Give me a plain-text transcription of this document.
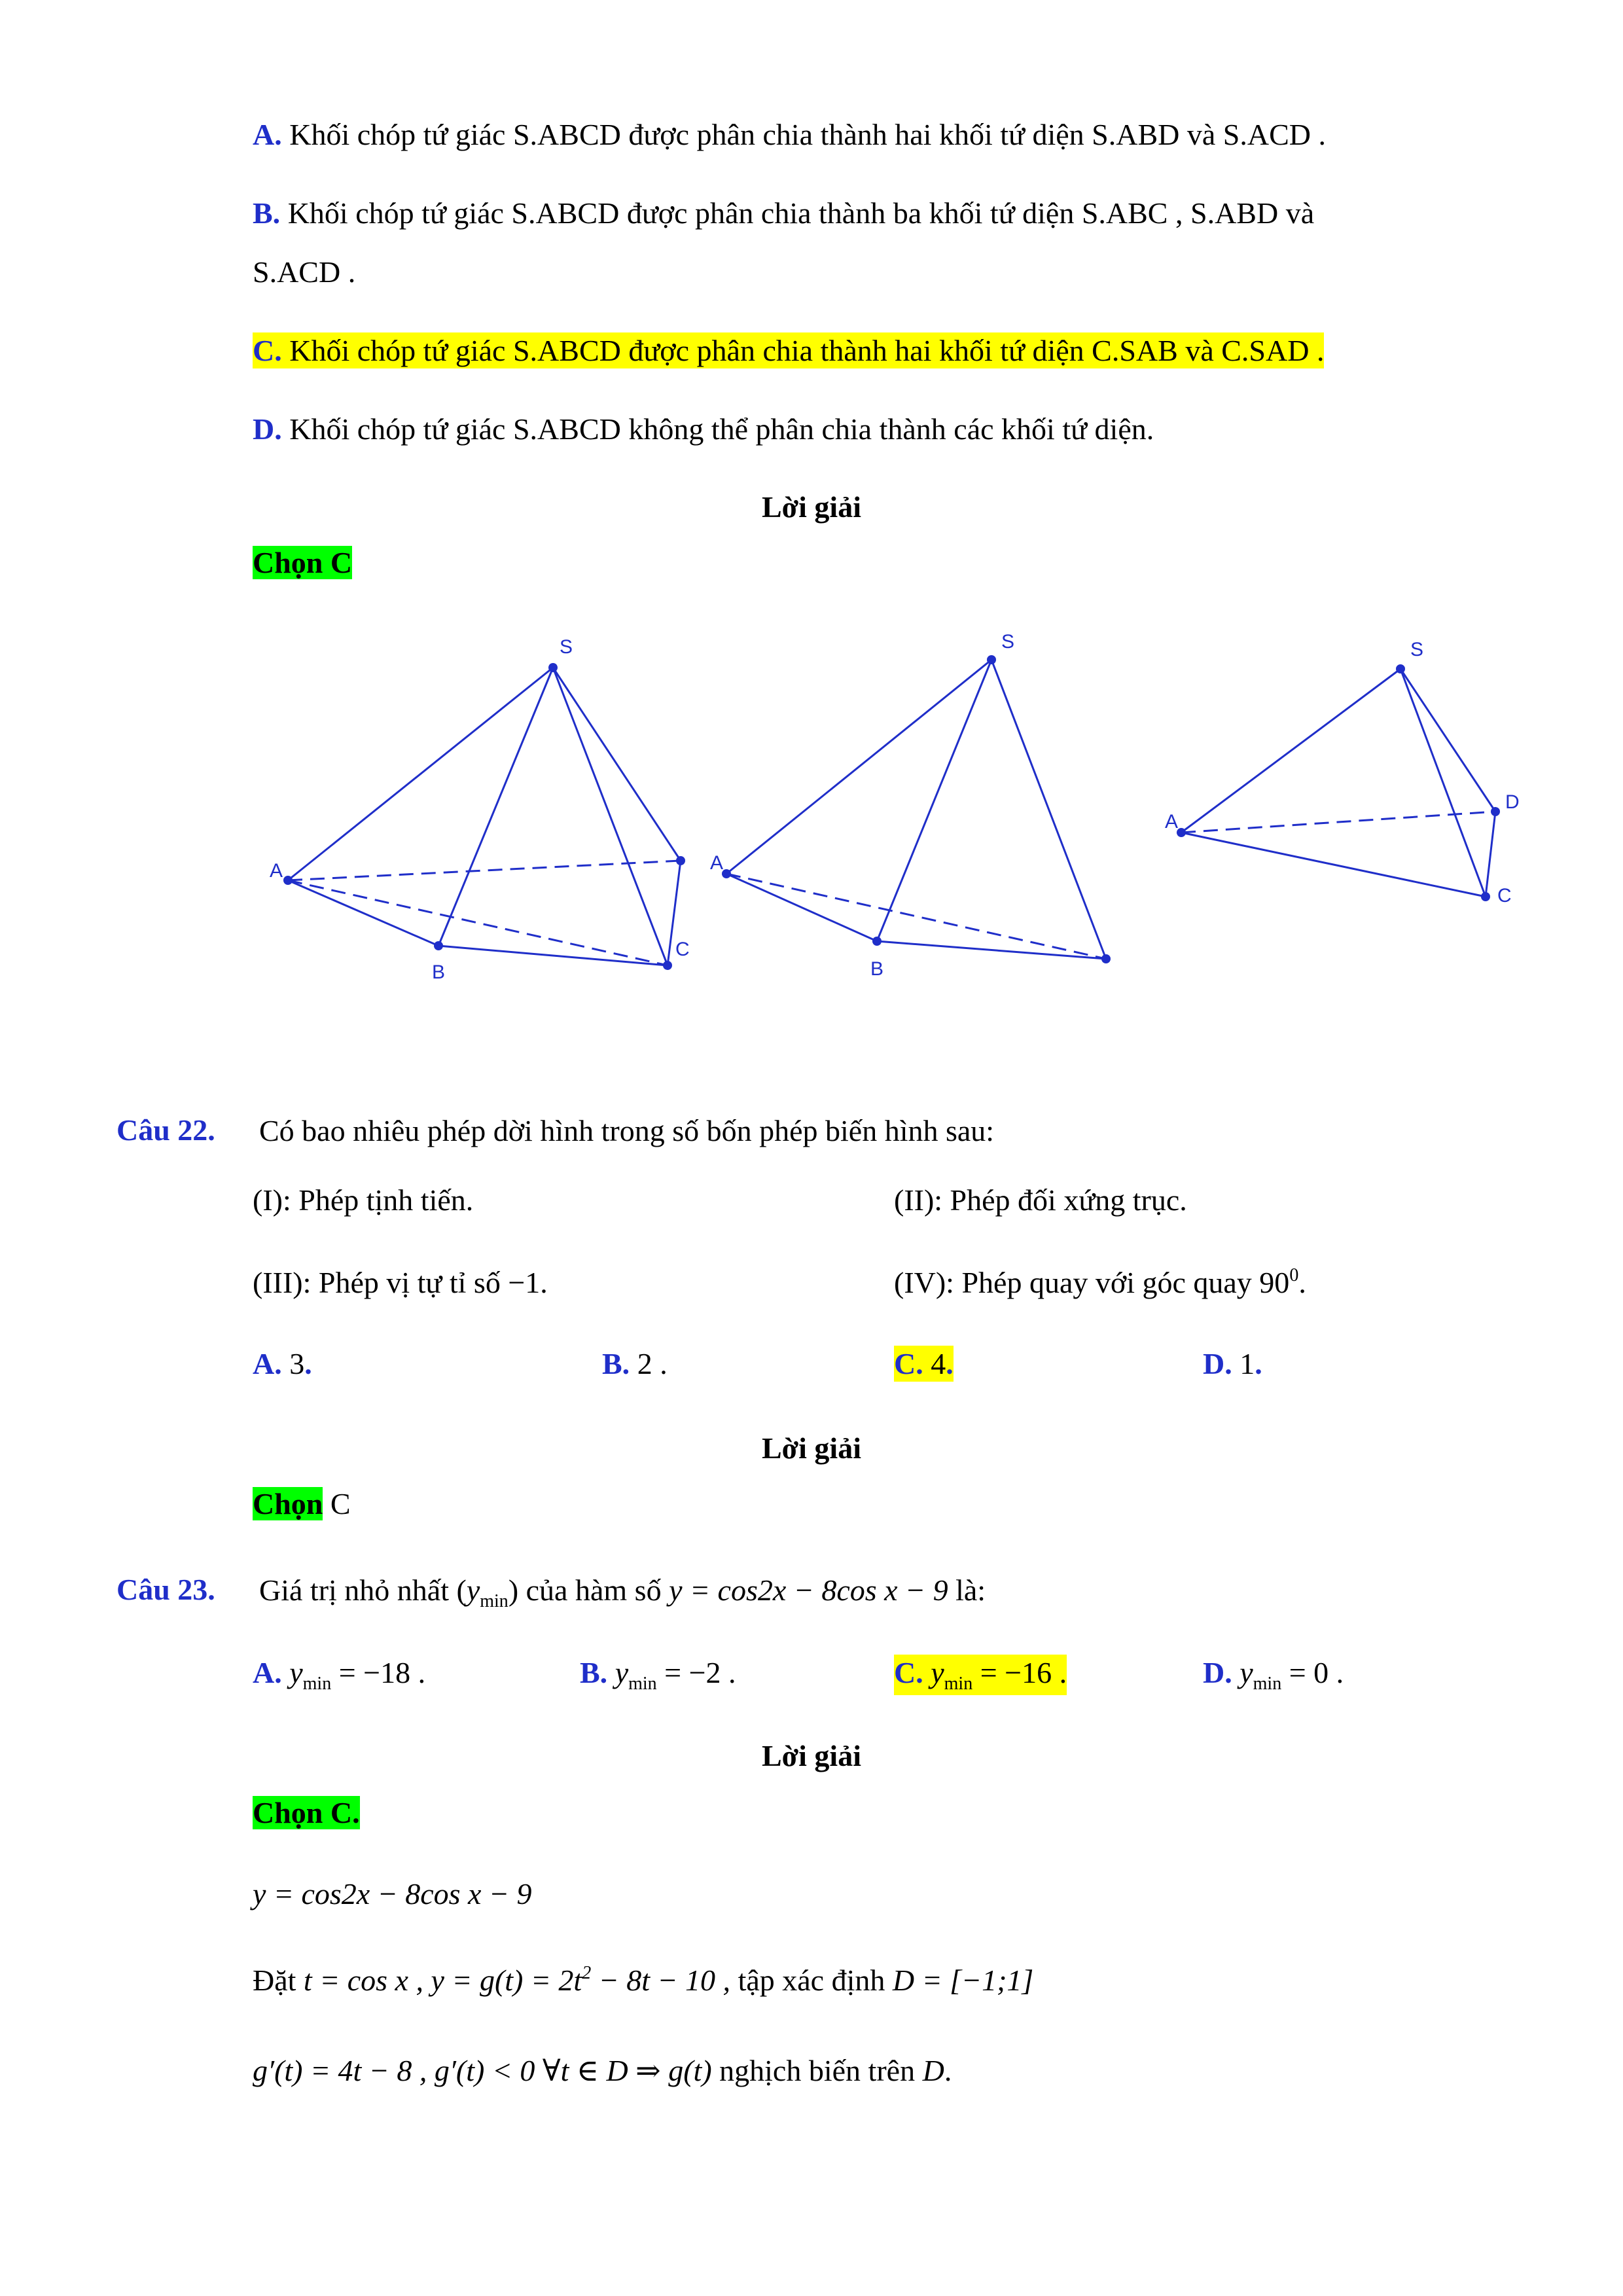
A. Khối chóp tứ giác S.ABCD được phân chia thành hai khối tứ diện S.ABD và S.ACD .
B. Khối chóp tứ giác S.ABCD được phân chia thành ba khối tứ diện S.ABC , S.ABD và
S.ACD .
C. Khối chóp tứ giác S.ABCD được phân chia thành hai khối tứ diện C.SAB và C.SAD .
D. Khối chóp tứ giác S.ABCD không thể phân chia thành các khối tứ diện.
Lời giải
Chọn C
S
A
B
C
S
A
B
S
A
D
C
Câu 22. Có bao nhiêu phép dời hình trong số bốn phép biến hình sau:
(I): Phép tịnh tiến.	(II): Phép đối xứng trục.
(III): Phép vị tự tỉ số −1.	(IV): Phép quay với góc quay $90^0$.
A. 3.	B. 2 .	C. 4.	D. 1.
Lời giải
Chọn C
Câu 23. Giá trị nhỏ nhất $(y_{min})$ của hàm số y = cos2x − 8cos x − 9 là:
A. $y_{min} = -18$ .	B. $y_{min} = -2$ .	C. $y_{min} = -16$ .	D. $y_{min} = 0$ .
Lời giải
Chọn C.
y = cos2x − 8cos x − 9
Đặt t = cos x , $y = g(t) = 2t^2 - 8t - 10$ , tập xác định D = [−1;1]
g′(t) = 4t − 8 , g′(t) < 0 ∀t ∈ D ⇒ g(t) nghịch biến trên D.
